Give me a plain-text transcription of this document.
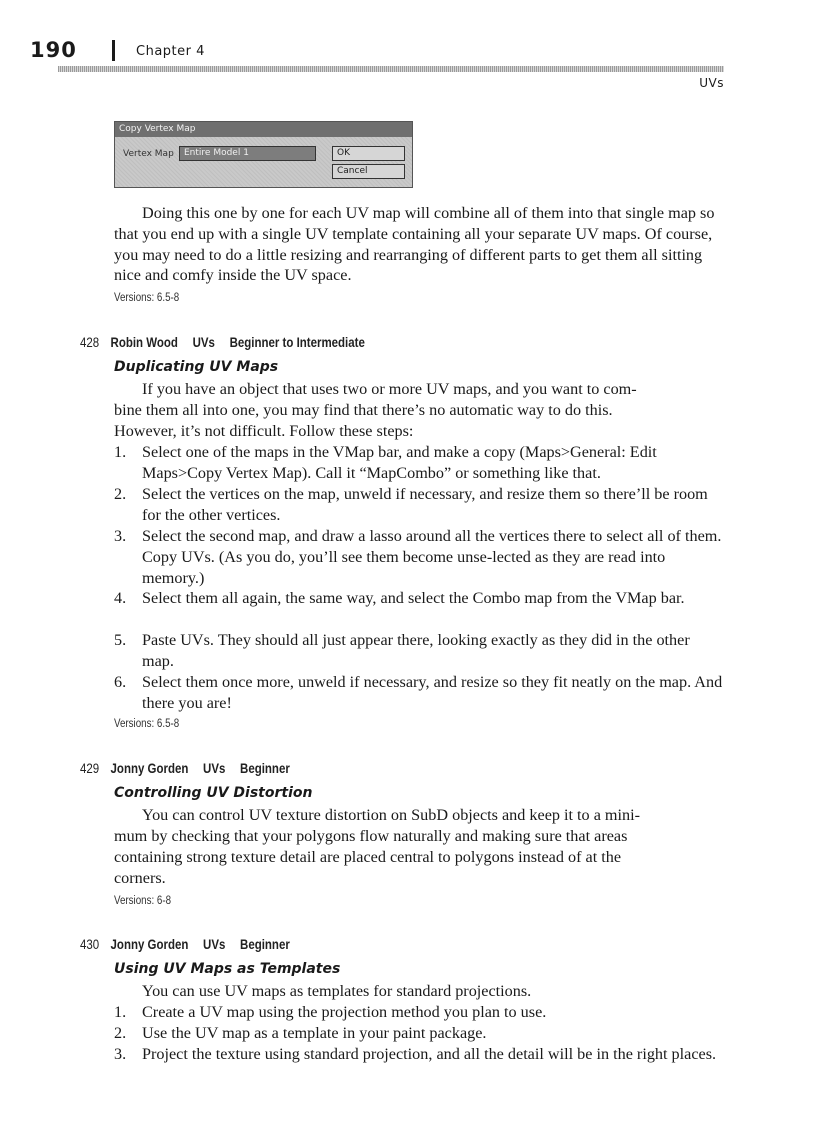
190	Chapter 4
UVs
Copy Vertex Map
Vertex Map	Entire Model 1	OK
Cancel

Doing this one by one for each UV map will combine all of them into that single map so that you end up with a single UV template containing all your separate UV maps. Of course, you may need to do a little resizing and rearranging of different parts to get them all sitting nice and comfy inside the UV space.

Versions: 6.5-8
428 Robin Wood UVs Beginner to Intermediate
Duplicating UV Maps
If you have an object that uses two or more UV maps, and you want to com-
bine them all into one, you may find that there’s no automatic way to do this.
However, it’s not difficult. Follow these steps:
1. Select one of the maps in the VMap bar, and make a copy (Maps>General: Edit Maps>Copy Vertex Map). Call it “MapCombo” or something like that.
2. Select the vertices on the map, unweld if necessary, and resize them so there’ll be room for the other vertices.
3. Select the second map, and draw a lasso around all the vertices there to select all of them. Copy UVs. (As you do, you’ll see them become unse-lected as they are read into memory.)
4. Select them all again, the same way, and select the Combo map from the VMap bar.
5. Paste UVs. They should all just appear there, looking exactly as they did in the other map.
6. Select them once more, unweld if necessary, and resize so they fit neatly on the map. And there you are!
Versions: 6.5-8
429 Jonny Gorden UVs Beginner
Controlling UV Distortion
You can control UV texture distortion on SubD objects and keep it to a mini-
mum by checking that your polygons flow naturally and making sure that areas
containing strong texture detail are placed central to polygons instead of at the
corners.
Versions: 6-8
430 Jonny Gorden UVs Beginner
Using UV Maps as Templates
You can use UV maps as templates for standard projections.
1. Create a UV map using the projection method you plan to use.
2. Use the UV map as a template in your paint package.
3. Project the texture using standard projection, and all the detail will be in the right places.
